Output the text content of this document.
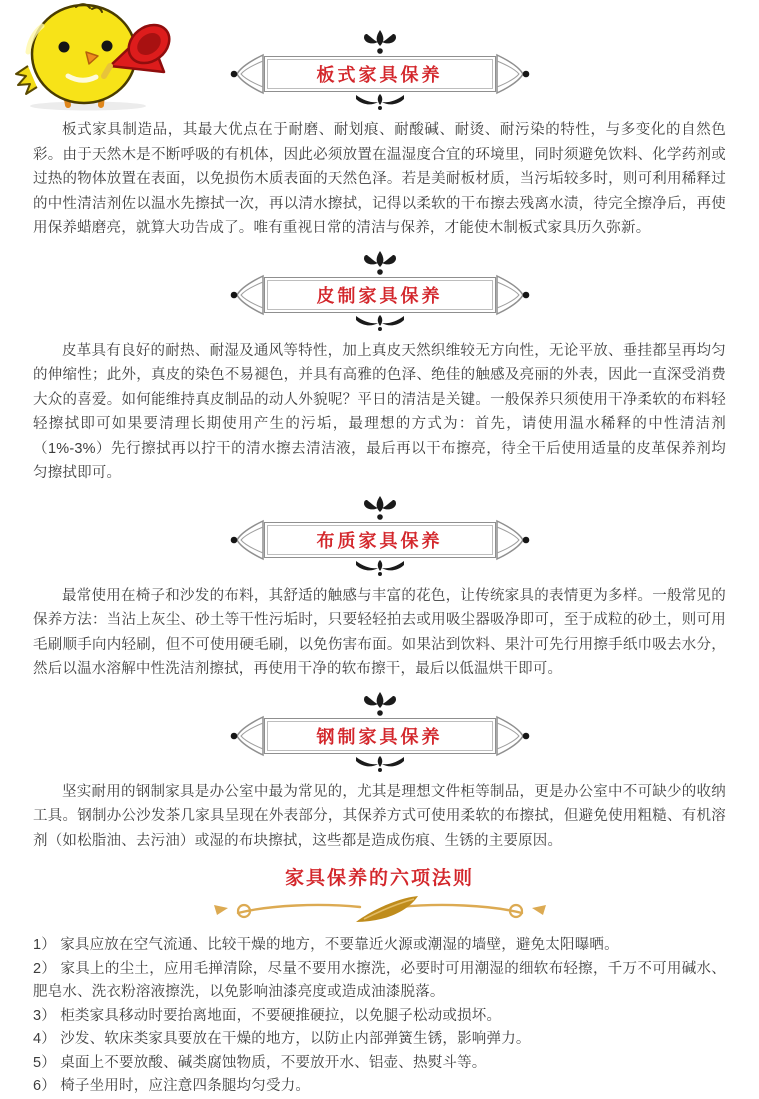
板式家具保养

板式家具制造品，其最大优点在于耐磨、耐划痕、耐酸碱、耐烫、耐污染的特性，与多变化的自然色彩。由于天然木是不断呼吸的有机体，因此必须放置在温湿度合宜的环境里，同时须避免饮料、化学药剂或过热的物体放置在表面，以免损伤木质表面的天然色泽。若是美耐板材质，当污垢较多时，则可利用稀释过的中性清洁剂佐以温水先擦拭一次，再以清水擦拭，记得以柔软的干布擦去残离水渍，待完全擦净后，再使用保养蜡磨亮，就算大功告成了。唯有重视日常的清洁与保养，才能使木制板式家具历久弥新。

皮制家具保养

皮革具有良好的耐热、耐湿及通风等特性，加上真皮天然织维较无方向性，无论平放、垂挂都呈再均匀的伸缩性；此外，真皮的染色不易褪色，并具有高雅的色泽、绝佳的触感及亮丽的外表，因此一直深受消费大众的喜爱。如何能维持真皮制品的动人外貌呢？平日的清洁是关键。一般保养只须使用干净柔软的布料轻轻擦拭即可如果要清理长期使用产生的污垢，最理想的方式为：首先，请使用温水稀释的中性清洁剂（1%-3%）先行擦拭再以拧干的清水擦去清洁液，最后再以干布擦亮，待全干后使用适量的皮革保养剂均匀擦拭即可。

布质家具保养

最常使用在椅子和沙发的布料，其舒适的触感与丰富的花色，让传统家具的表情更为多样。一般常见的保养方法：当沾上灰尘、砂土等干性污垢时，只要轻轻拍去或用吸尘器吸净即可，至于成粒的砂土，则可用毛刷顺手向内轻刷，但不可使用硬毛刷，以免伤害布面。如果沾到饮料、果汁可先行用擦手纸巾吸去水分，然后以温水溶解中性洗洁剂擦拭，再使用干净的软布擦干，最后以低温烘干即可。

钢制家具保养

坚实耐用的钢制家具是办公室中最为常见的，尤其是理想文件柜等制品，更是办公室中不可缺少的收纳工具。钢制办公沙发茶几家具呈现在外表部分，其保养方式可使用柔软的布擦拭，但避免使用粗糙、有机溶剂（如松脂油、去污油）或湿的布块擦拭，这些都是造成伤痕、生锈的主要原因。

家具保养的六项法则
1） 家具应放在空气流通、比较干燥的地方，不要靠近火源或潮湿的墙壁，避免太阳曝晒。
2） 家具上的尘土，应用毛掸清除，尽量不要用水擦洗，必要时可用潮湿的细软布轻擦，千万不可用碱水、肥皂水、洗衣粉溶液擦洗，以免影响油漆亮度或造成油漆脱落。
3） 柜类家具移动时要抬离地面，不要硬推硬拉，以免腿子松动或损坏。
4） 沙发、软床类家具要放在干燥的地方，以防止内部弹簧生锈，影响弹力。
5） 桌面上不要放酸、碱类腐蚀物质，不要放开水、铝壶、热熨斗等。
6） 椅子坐用时，应注意四条腿均匀受力。
